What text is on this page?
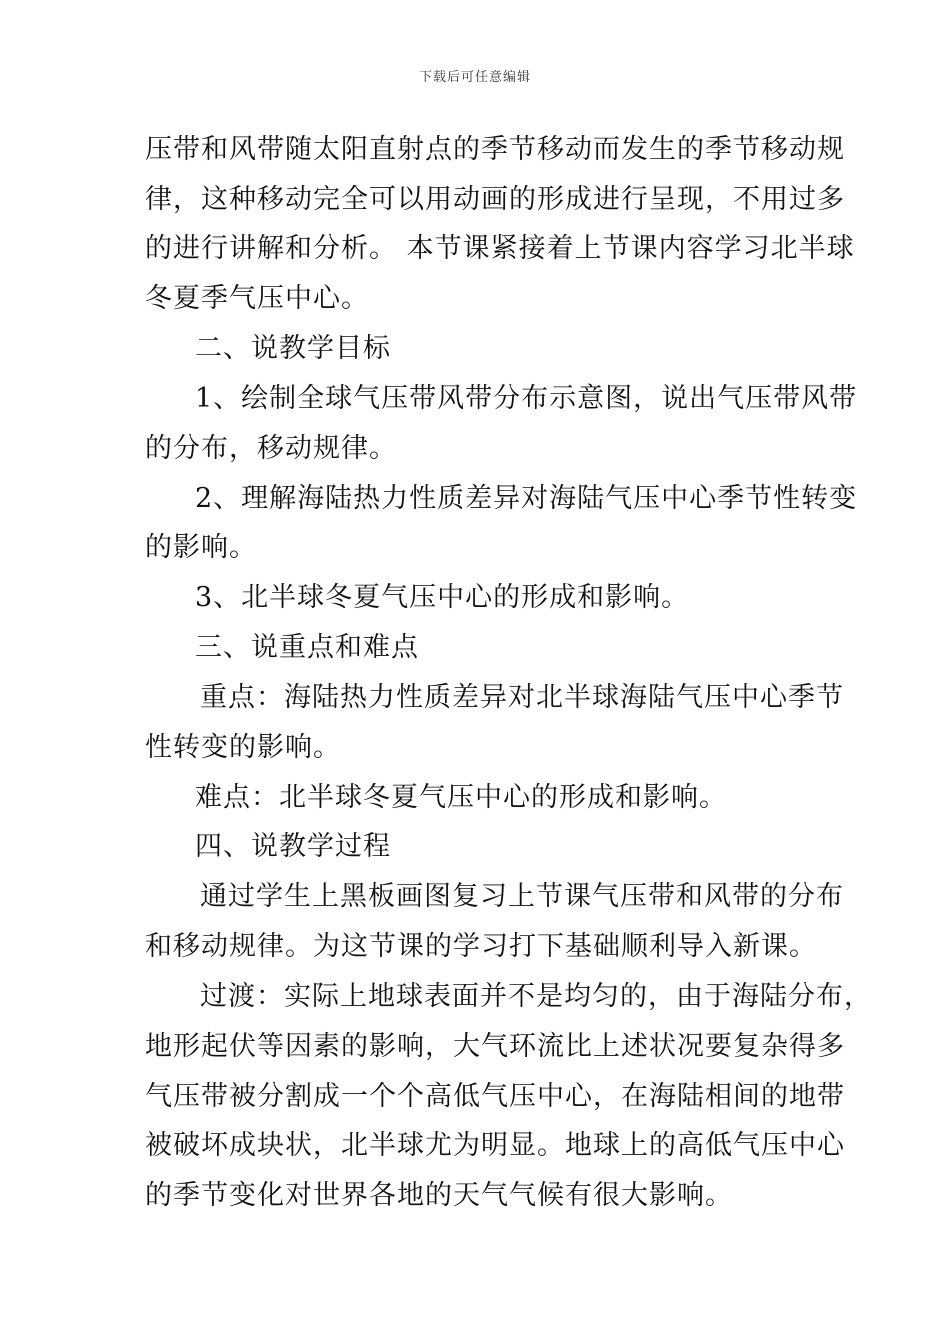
下载后可任意编辑
压带和风带随太阳直射点的季节移动而发生的季节移动规
律，这种移动完全可以用动画的形成进行呈现，不用过多
的进行讲解和分析。 本节课紧接着上节课内容学习北半球
冬夏季气压中心。
二、说教学目标
1、绘制全球气压带风带分布示意图，说出气压带风带
的分布，移动规律。
2、理解海陆热力性质差异对海陆气压中心季节性转变
的影响。
3、北半球冬夏气压中心的形成和影响。
三、说重点和难点
重点：海陆热力性质差异对北半球海陆气压中心季节
性转变的影响。
难点：北半球冬夏气压中心的形成和影响。
四、说教学过程
通过学生上黑板画图复习上节课气压带和风带的分布
和移动规律。为这节课的学习打下基础顺利导入新课。
过渡：实际上地球表面并不是均匀的，由于海陆分布，
地形起伏等因素的影响，大气环流比上述状况要复杂得多
气压带被分割成一个个高低气压中心，在海陆相间的地带
被破坏成块状，北半球尤为明显。地球上的高低气压中心
的季节变化对世界各地的天气气候有很大影响。
